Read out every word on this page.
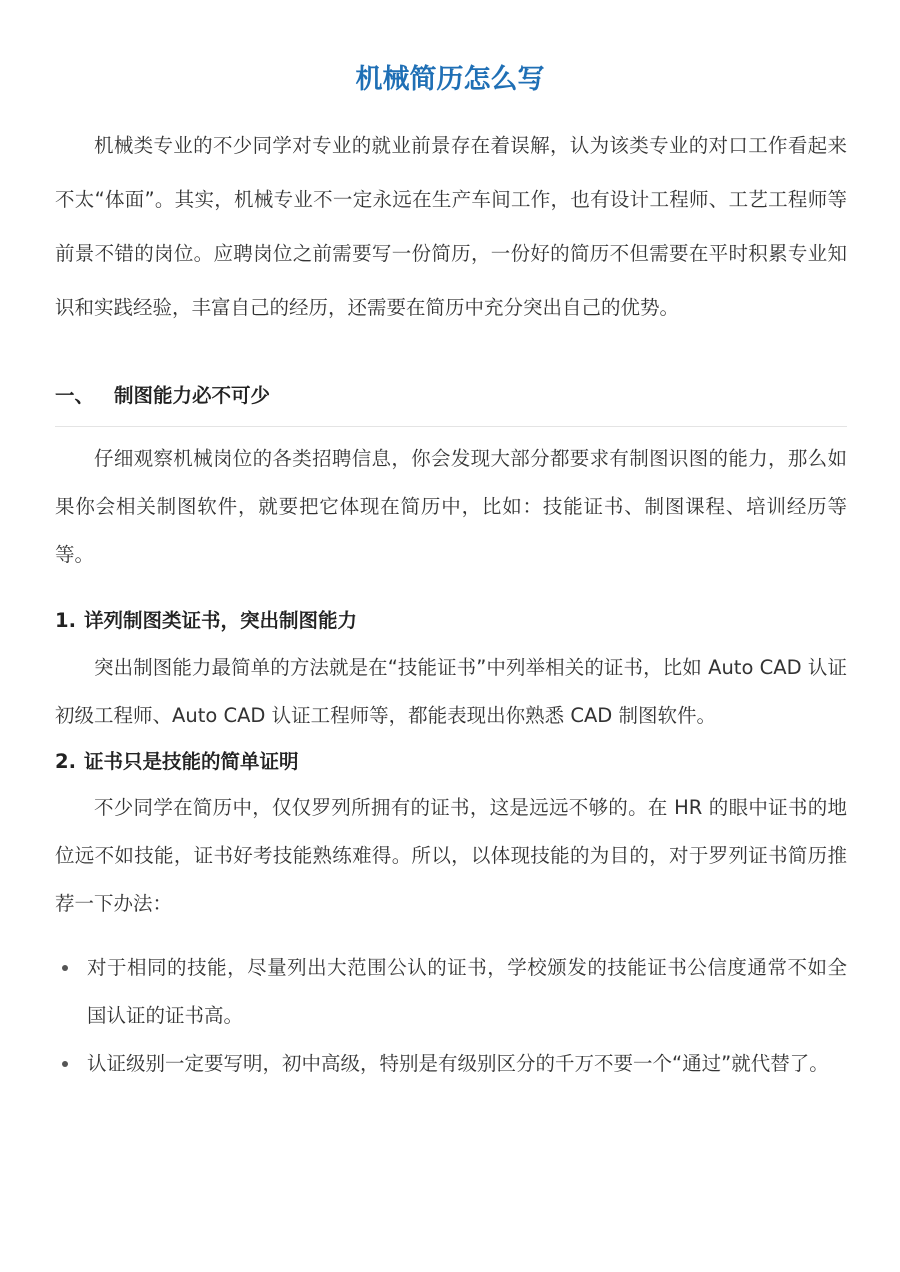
机械简历怎么写

机械类专业的不少同学对专业的就业前景存在着误解，认为该类专业的对口工作看起来不太“体面”。其实，机械专业不一定永远在生产车间工作，也有设计工程师、工艺工程师等前景不错的岗位。应聘岗位之前需要写一份简历，一份好的简历不但需要在平时积累专业知识和实践经验，丰富自己的经历，还需要在简历中充分突出自己的优势。

一、 制图能力必不可少

仔细观察机械岗位的各类招聘信息，你会发现大部分都要求有制图识图的能力，那么如果你会相关制图软件，就要把它体现在简历中，比如：技能证书、制图课程、培训经历等等。

1. 详列制图类证书，突出制图能力

突出制图能力最简单的方法就是在“技能证书”中列举相关的证书，比如 Auto CAD 认证初级工程师、Auto CAD 认证工程师等，都能表现出你熟悉 CAD 制图软件。

2. 证书只是技能的简单证明

不少同学在简历中，仅仅罗列所拥有的证书，这是远远不够的。在 HR 的眼中证书的地位远不如技能，证书好考技能熟练难得。所以，以体现技能的为目的，对于罗列证书简历推荐一下办法：

对于相同的技能，尽量列出大范围公认的证书，学校颁发的技能证书公信度通常不如全国认证的证书高。
认证级别一定要写明，初中高级，特别是有级别区分的千万不要一个“通过”就代替了。
